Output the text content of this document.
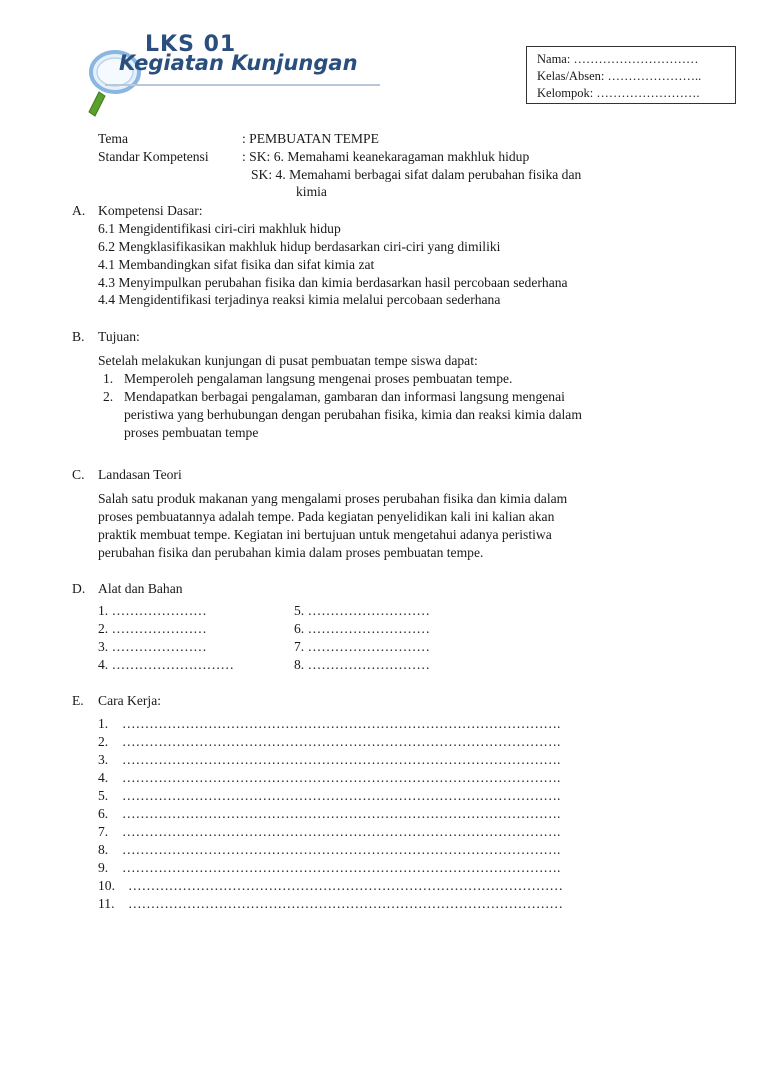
LKS 01
Kegiatan Kunjungan	Nama: …………………………
Kelas/Absen: …………………..
Kelompok: …………………….
Tema	: PEMBUATAN TEMPE
Standar Kompetensi : SK: 6. Memahami keanekaragaman makhluk hidup
SK: 4. Memahami berbagai sifat dalam perubahan fisika dan
kimia
A. Kompetensi Dasar:
6.1 Mengidentifikasi ciri-ciri makhluk hidup
6.2 Mengklasifikasikan makhluk hidup berdasarkan ciri-ciri yang dimiliki
4.1 Membandingkan sifat fisika dan sifat kimia zat
4.3 Menyimpulkan perubahan fisika dan kimia berdasarkan hasil percobaan sederhana
4.4 Mengidentifikasi terjadinya reaksi kimia melalui percobaan sederhana
B. Tujuan:
Setelah melakukan kunjungan di pusat pembuatan tempe siswa dapat:
1. Memperoleh pengalaman langsung mengenai proses pembuatan tempe.
2. Mendapatkan berbagai pengalaman, gambaran dan informasi langsung mengenai
peristiwa yang berhubungan dengan perubahan fisika, kimia dan reaksi kimia dalam
proses pembuatan tempe
C. Landasan Teori
Salah satu produk makanan yang mengalami proses perubahan fisika dan kimia dalam
proses pembuatannya adalah tempe. Pada kegiatan penyelidikan kali ini kalian akan
praktik membuat tempe. Kegiatan ini bertujuan untuk mengetahui adanya peristiwa
perubahan fisika dan perubahan kimia dalam proses pembuatan tempe.
D. Alat dan Bahan
1. …………………
2. …………………
3. …………………
4. ………………………
5. ………………………
6. ………………………
7. ………………………
8. ………………………
E. Cara Kerja:
1. …………………………………………………………………………………….
2. …………………………………………………………………………………….
3. …………………………………………………………………………………….
4. …………………………………………………………………………………….
5. …………………………………………………………………………………….
6. …………………………………………………………………………………….
7. …………………………………………………………………………………….
8. …………………………………………………………………………………….
9. …………………………………………………………………………………….
10. ……………………………………………………………………………………
11. ……………………………………………………………………………………
